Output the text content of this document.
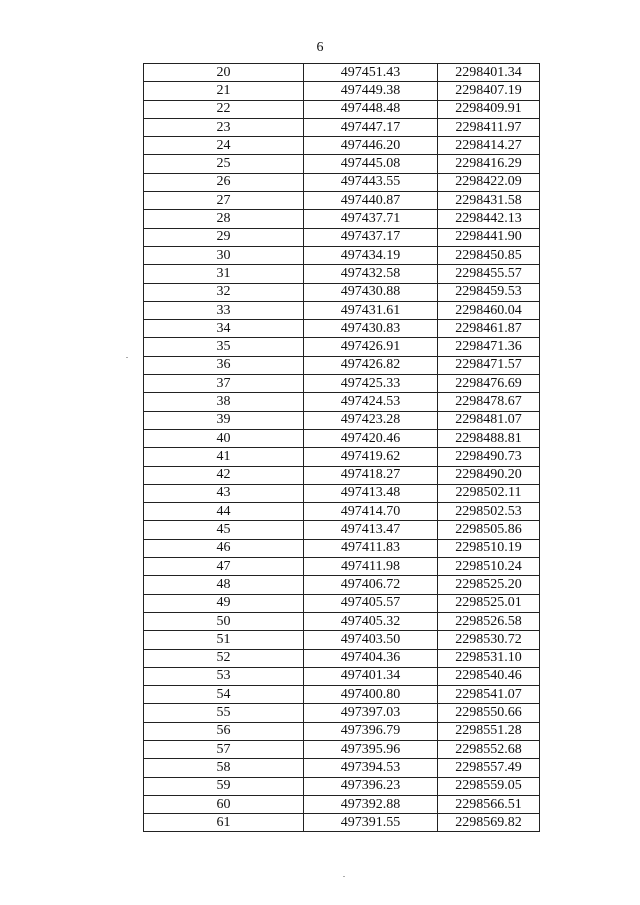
6
20	497451.43	2298401.34
21	497449.38	2298407.19
22	497448.48	2298409.91
23	497447.17	2298411.97
24	497446.20	2298414.27
25	497445.08	2298416.29
26	497443.55	2298422.09
27	497440.87	2298431.58
28	497437.71	2298442.13
29	497437.17	2298441.90
30	497434.19	2298450.85
31	497432.58	2298455.57
32	497430.88	2298459.53
33	497431.61	2298460.04
34	497430.83	2298461.87
35	497426.91	2298471.36
36	497426.82	2298471.57
37	497425.33	2298476.69
38	497424.53	2298478.67
39	497423.28	2298481.07
40	497420.46	2298488.81
41	497419.62	2298490.73
42	497418.27	2298490.20
43	497413.48	2298502.11
44	497414.70	2298502.53
45	497413.47	2298505.86
46	497411.83	2298510.19
47	497411.98	2298510.24
48	497406.72	2298525.20
49	497405.57	2298525.01
50	497405.32	2298526.58
51	497403.50	2298530.72
52	497404.36	2298531.10
53	497401.34	2298540.46
54	497400.80	2298541.07
55	497397.03	2298550.66
56	497396.79	2298551.28
57	497395.96	2298552.68
58	497394.53	2298557.49
59	497396.23	2298559.05
60	497392.88	2298566.51
61	497391.55	2298569.82
